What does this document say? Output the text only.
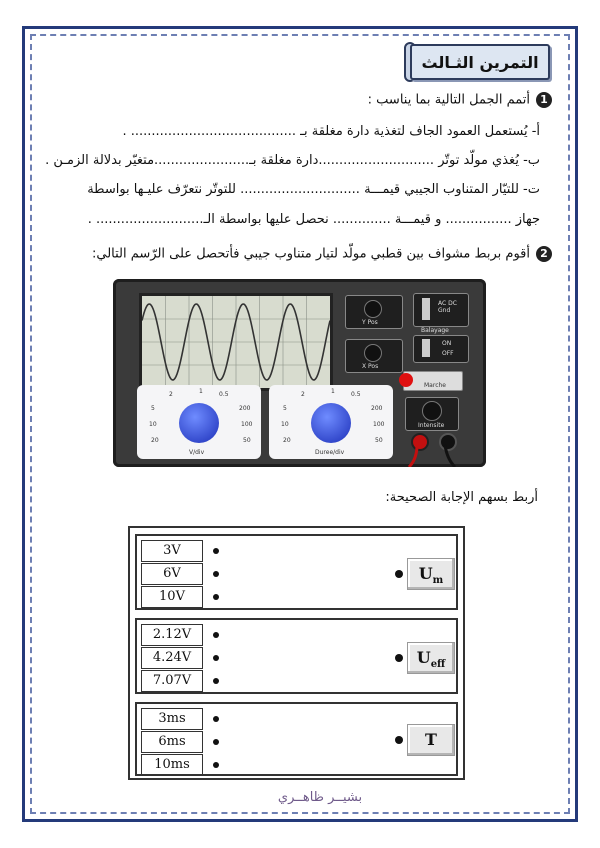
التمرين الثـالث
1أتمم الجمل التالية بما يناسب :
أ- يُستعمل العمود الجاف لتغذية دارة مغلقة بـ ........................................ .
ب- يُغذي مولّد توتّر ............................دارة مغلقة بـ.......................متغيّر بدلالة الزمـن .
ت- للتيّار المتناوب الجيبي قيمـــة ............................. للتوتّر نتعرّف عليـها بواسطة
جهاز ................ و قيمـــة .............. نحصل عليها بواسطة الـ.......................... .
2أقوم بربط مشواف بين قطبي مولّد لتيار متناوب جيبي فأتحصل على الرّسم التالي:
Y Pos
X Pos
AC DC Gnd
Balayage
ON
OFF
Marche
Intensite
2	1	0.5
5
10
20
200
100
50
V/div
2	1	0.5
5
10
20
200
100
50
Duree/div
أربط بسهم الإجابة الصحيحة:
3V
6V
10V
$U_m$
2.12V
4.24V
7.07V
$U_{eff}$
3ms
6ms
10ms
T
بشيــر ظاهــري
